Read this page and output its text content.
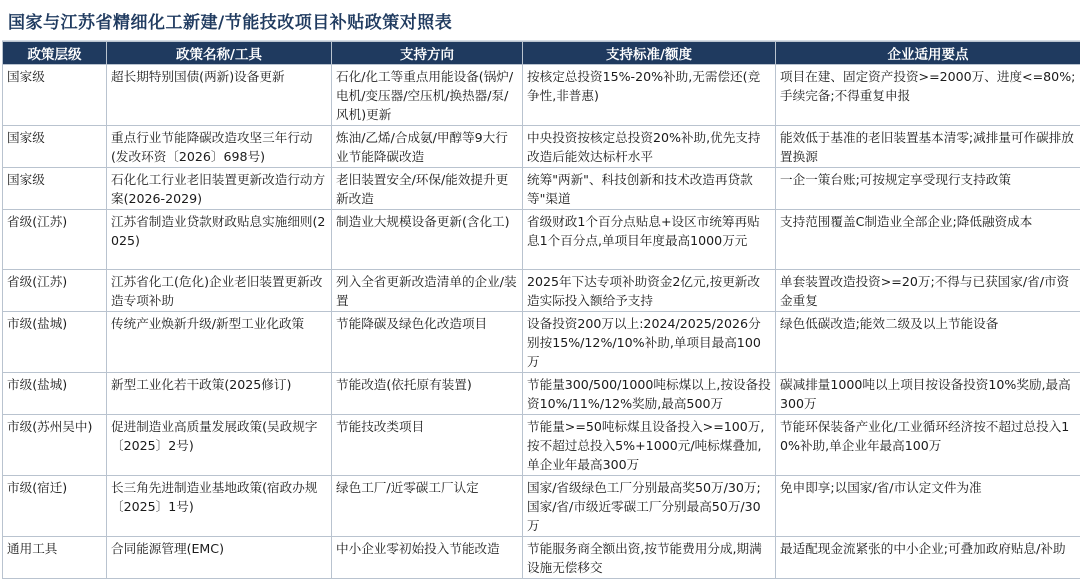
国家与江苏省精细化工新建/节能技改项目补贴政策对照表
政策层级	政策名称/工具	支持方向	支持标准/额度	企业适用要点
国家级	超长期特别国债(两新)设备更新	石化/化工等重点用能设备(锅炉/电机/变压器/空压机/换热器/泵/风机)更新	按核定总投资15%-20%补助,无需偿还(竞争性,非普惠)	项目在建、固定资产投资>=2000万、进度<=80%;手续完备;不得重复申报
国家级	重点行业节能降碳改造攻坚三年行动(发改环资〔2026〕698号)	炼油/乙烯/合成氨/甲醇等9大行业节能降碳改造	中央投资按核定总投资20%补助,优先支持改造后能效达标杆水平	能效低于基准的老旧装置基本清零;减排量可作碳排放置换源
国家级	石化化工行业老旧装置更新改造行动方案(2026-2029)	老旧装置安全/环保/能效提升更新改造	统筹"两新"、科技创新和技术改造再贷款等"渠道	一企一策台账;可按规定享受现行支持政策
省级(江苏)	江苏省制造业贷款财政贴息实施细则(2025)	制造业大规模设备更新(含化工)	省级财政1个百分点贴息+设区市统筹再贴息1个百分点,单项目年度最高1000万元	支持范围覆盖C制造业全部企业;降低融资成本
省级(江苏)	江苏省化工(危化)企业老旧装置更新改造专项补助	列入全省更新改造清单的企业/装置	2025年下达专项补助资金2亿元,按更新改造实际投入额给予支持	单套装置改造投资>=20万;不得与已获国家/省/市资金重复
市级(盐城)	传统产业焕新升级/新型工业化政策	节能降碳及绿色化改造项目	设备投资200万以上:2024/2025/2026分别按15%/12%/10%补助,单项目最高100万	绿色低碳改造;能效二级及以上节能设备
市级(盐城)	新型工业化若干政策(2025修订)	节能改造(依托原有装置)	节能量300/500/1000吨标煤以上,按设备投资10%/11%/12%奖励,最高500万	碳减排量1000吨以上项目按设备投资10%奖励,最高300万
市级(苏州吴中)	促进制造业高质量发展政策(吴政规字〔2025〕2号)	节能技改类项目	节能量>=50吨标煤且设备投入>=100万,按不超过总投入5%+1000元/吨标煤叠加,单企业年最高300万	节能环保装备产业化/工业循环经济按不超过总投入10%补助,单企业年最高100万
市级(宿迁)	长三角先进制造业基地政策(宿政办规〔2025〕1号)	绿色工厂/近零碳工厂认定	国家/省级绿色工厂分别最高奖50万/30万;国家/省/市级近零碳工厂分别最高50万/30万	免申即享;以国家/省/市认定文件为准
通用工具	合同能源管理(EMC)	中小企业零初始投入节能改造	节能服务商全额出资,按节能费用分成,期满设施无偿移交	最适配现金流紧张的中小企业;可叠加政府贴息/补助
